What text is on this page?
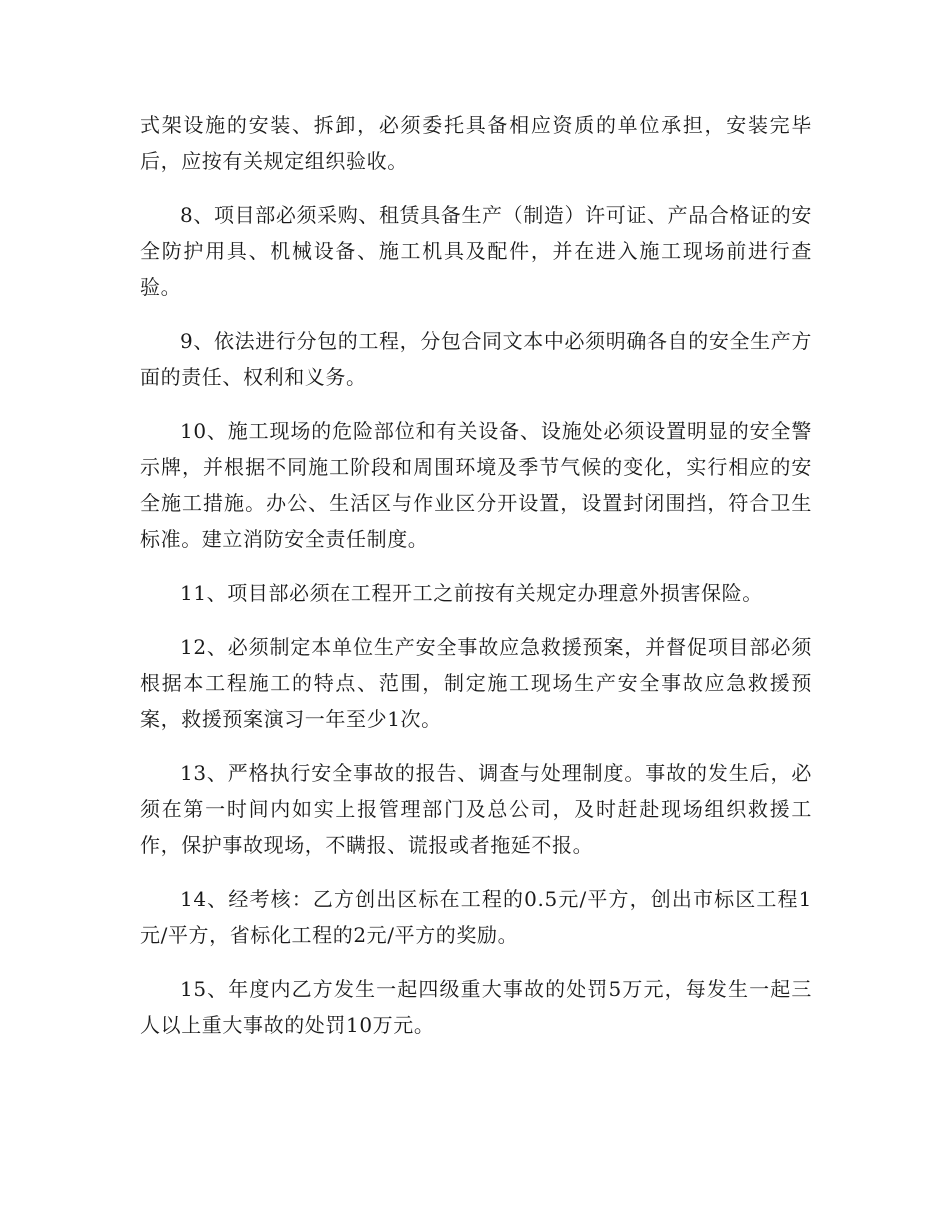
式架设施的安装、拆卸，必须委托具备相应资质的单位承担，安装完毕后，应按有关规定组织验收。

8、项目部必须采购、租赁具备生产（制造）许可证、产品合格证的安全防护用具、机械设备、施工机具及配件，并在进入施工现场前进行查验。

9、依法进行分包的工程，分包合同文本中必须明确各自的安全生产方面的责任、权利和义务。

10、施工现场的危险部位和有关设备、设施处必须设置明显的安全警示牌，并根据不同施工阶段和周围环境及季节气候的变化，实行相应的安全施工措施。办公、生活区与作业区分开设置，设置封闭围挡，符合卫生标准。建立消防安全责任制度。

11、项目部必须在工程开工之前按有关规定办理意外损害保险。

12、必须制定本单位生产安全事故应急救援预案，并督促项目部必须根据本工程施工的特点、范围，制定施工现场生产安全事故应急救援预案，救援预案演习一年至少1次。

13、严格执行安全事故的报告、调查与处理制度。事故的发生后，必须在第一时间内如实上报管理部门及总公司，及时赶赴现场组织救援工作，保护事故现场，不瞒报、谎报或者拖延不报。

14、经考核：乙方创出区标在工程的0.5元/平方，创出市标区工程1元/平方，省标化工程的2元/平方的奖励。

15、年度内乙方发生一起四级重大事故的处罚5万元，每发生一起三人以上重大事故的处罚10万元。
